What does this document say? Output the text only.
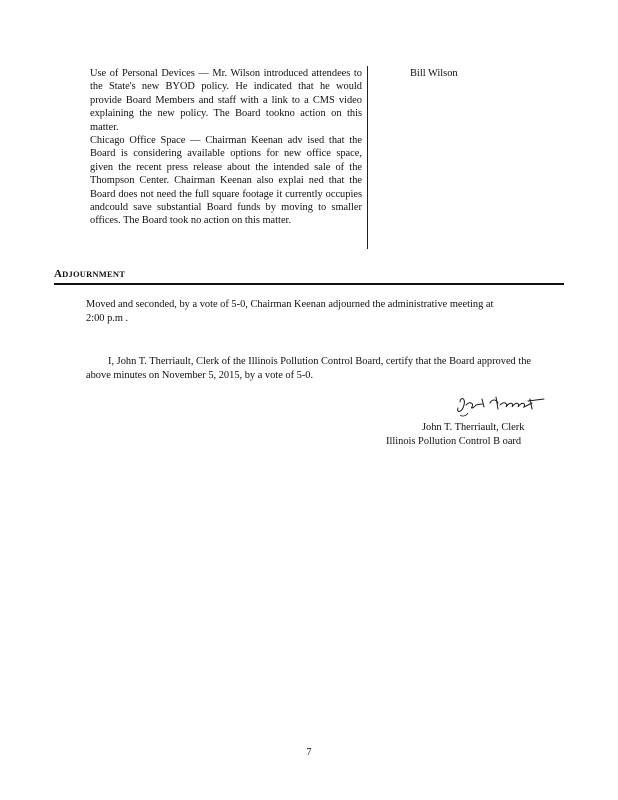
Use of Personal Devices — Mr. Wilson introduced attendees to the State's new BYOD policy. He indicated that he would provide Board Members and staff with a link to a CMS video explaining the new policy. The Board tookno action on this matter.

Chicago Office Space — Chairman Keenan adv ised that the Board is considering available options for new office space, given the recent press release about the intended sale of the Thompson Center. Chairman Keenan also explai ned that the Board does not need the full square footage it currently occupies andcould save substantial Board funds by moving to smaller offices. The Board took no action on this matter.

Bill Wilson
ADJOURNMENT

Moved and seconded, by a vote of 5-0, Chairman Keenan adjourned the administrative meeting at 2:00 p.m .

I, John T. Therriault, Clerk of the Illinois Pollution Control Board, certify that the Board approved the above minutes on November 5, 2015, by a vote of 5-0.

John T. Therriault, Clerk
Illinois Pollution Control B oard
7
